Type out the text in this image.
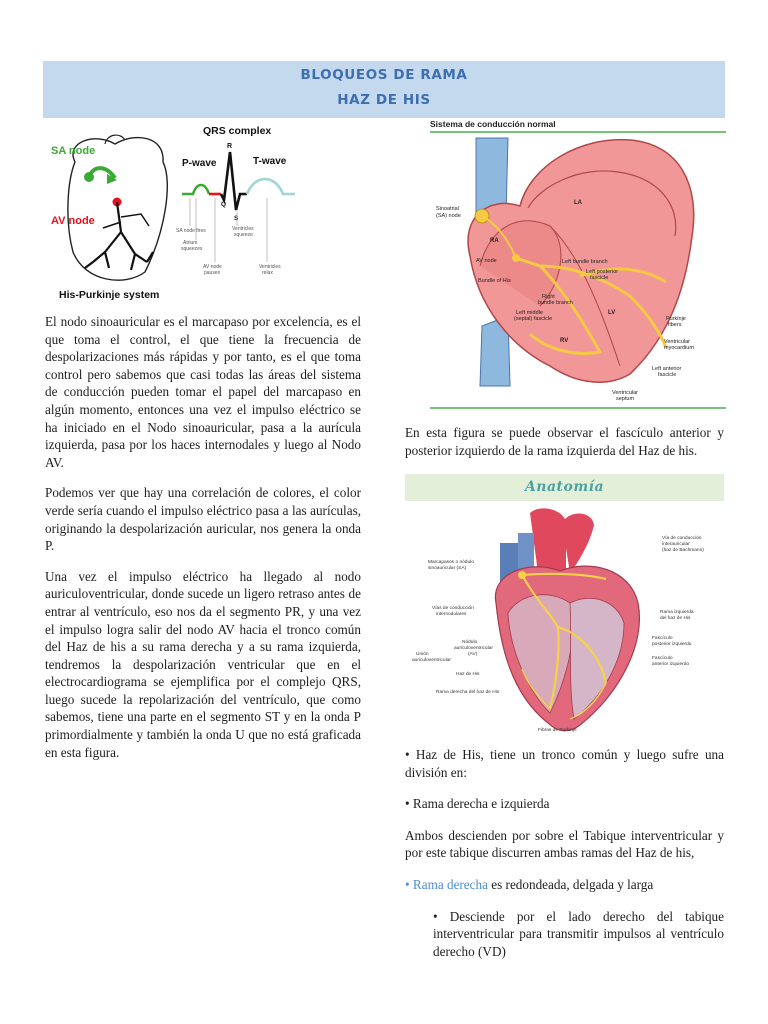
BLOQUEOS DE RAMA
HAZ DE HIS
SA node
AV node
His-Purkinje system
QRS complex
P-wave	T-wave
R
Q
S
SA node fires
Atrium
squeezes
Ventricles
squeeze
AV node
pauses
Ventricles
relax

El nodo sinoauricular es el marcapaso por excelencia, es el que toma el control, el que tiene la frecuencia de despolarizaciones más rápidas y por tanto, es el que toma control pero sabemos que casi todas las áreas del sistema de conducción pueden tomar el papel del marcapaso en algún momento, entonces una vez el impulso eléctrico se ha iniciado en el Nodo sinoauricular, pasa a la aurícula izquierda, pasa por los haces internodales y luego al Nodo AV.

Podemos ver que hay una correlación de colores, el color verde sería cuando el impulso eléctrico pasa a las aurículas, originando la despolarización auricular, nos genera la onda P.

Una vez el impulso eléctrico ha llegado al nodo auriculoventricular, donde sucede un ligero retraso antes de entrar al ventrículo, eso nos da el segmento PR, y una vez el impulso logra salir del nodo AV hacia el tronco común del Haz de his a su rama derecha y a su rama izquierda, tendremos la despolarización ventricular que en el electrocardiograma se ejemplifica por el complejo QRS, luego sucede la repolarización del ventrículo, que como sabemos, tiene una parte en el segmento ST y en la onda P primordialmente y también la onda U que no está graficada en esta figura.

Sistema de conducción normal
Sinoatrial
(SA) node
LA
RA
AV node
Bundle of His
Left bundle branch
Left posterior
fascicle
LV
Right
bundle branch
Left middle
(septal) fascicle
RV
Purkinje
fibers
Ventricular
myocardium
Left anterior
fascicle
Ventricular
septum

En esta figura se puede observar el fascículo anterior y posterior izquierdo de la rama izquierda del Haz de his.

Anatomía
Marcapasos o nódulo
sinoauricular (SA)
Vía de conducción
interauricular
(haz de Bachmann)
Vías de conducción
internodulares	Rama izquierda
del haz de His
Nódulo
auriculoventricular
(AV)
Unión
auriculoventricular
Fascículo
posterior izquierdo
Fascículo
anterior izquierdo
Haz de His
Rama derecha del haz de His
Fibras de Purkinje

• Haz de His, tiene un tronco común y luego sufre una división en:

• Rama derecha e izquierda

Ambos descienden por sobre el Tabique interventricular y por este tabique discurren ambas ramas del Haz de his,

• Rama derecha es redondeada, delgada y larga

• Desciende por el lado derecho del tabique interventricular para transmitir impulsos al ventrículo derecho (VD)
